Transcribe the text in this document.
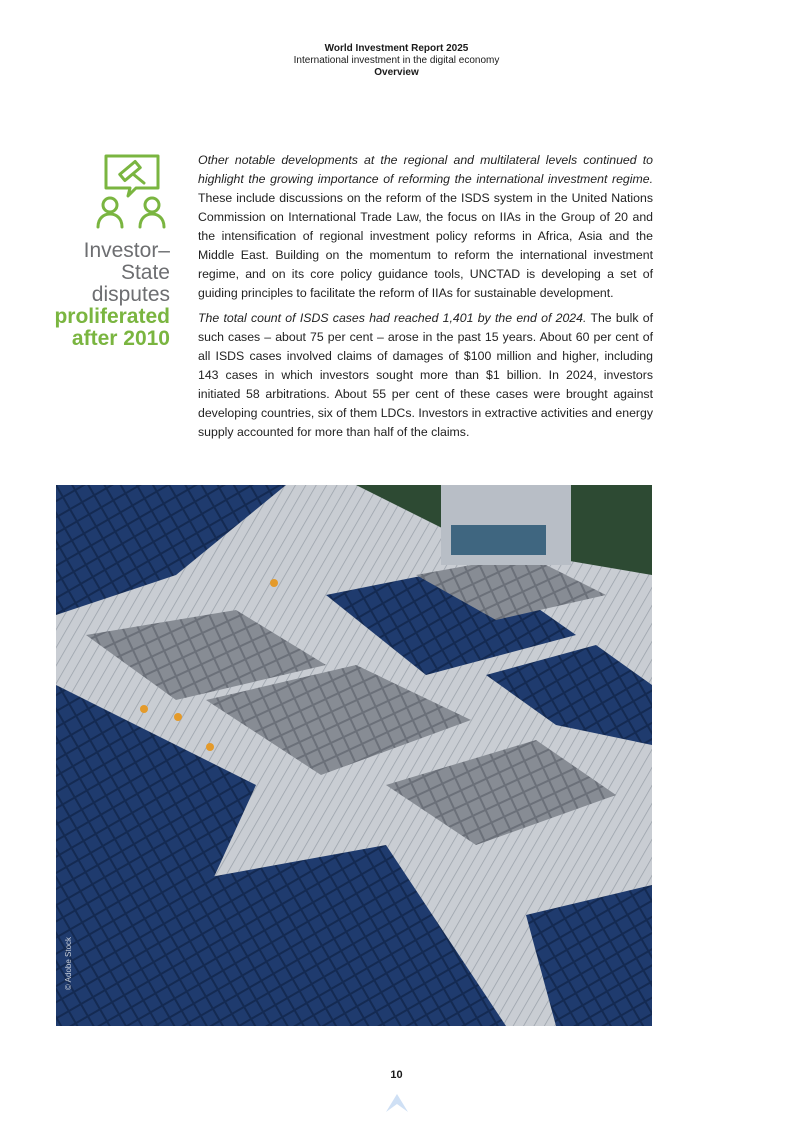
World Investment Report 2025
International investment in the digital economy
Overview
Investor–State
disputes
proliferated
after 2010

Other notable developments at the regional and multilateral levels continued to highlight the growing importance of reforming the international investment regime. These include discussions on the reform of the ISDS system in the United Nations Commission on International Trade Law, the focus on IIAs in the Group of 20 and the intensification of regional investment policy reforms in Africa, Asia and the Middle East. Building on the momentum to reform the international investment regime, and on its core policy guidance tools, UNCTAD is developing a set of guiding principles to facilitate the reform of IIAs for sustainable development.

The total count of ISDS cases had reached 1,401 by the end of 2024. The bulk of such cases – about 75 per cent – arose in the past 15 years. About 60 per cent of all ISDS cases involved claims of damages of $100 million and higher, including 143 cases in which investors sought more than $1 billion. In 2024, investors initiated 58 arbitrations. About 55 per cent of these cases were brought against developing countries, six of them LDCs. Investors in extractive activities and energy supply accounted for more than half of the claims.

© Adobe Stock
10
